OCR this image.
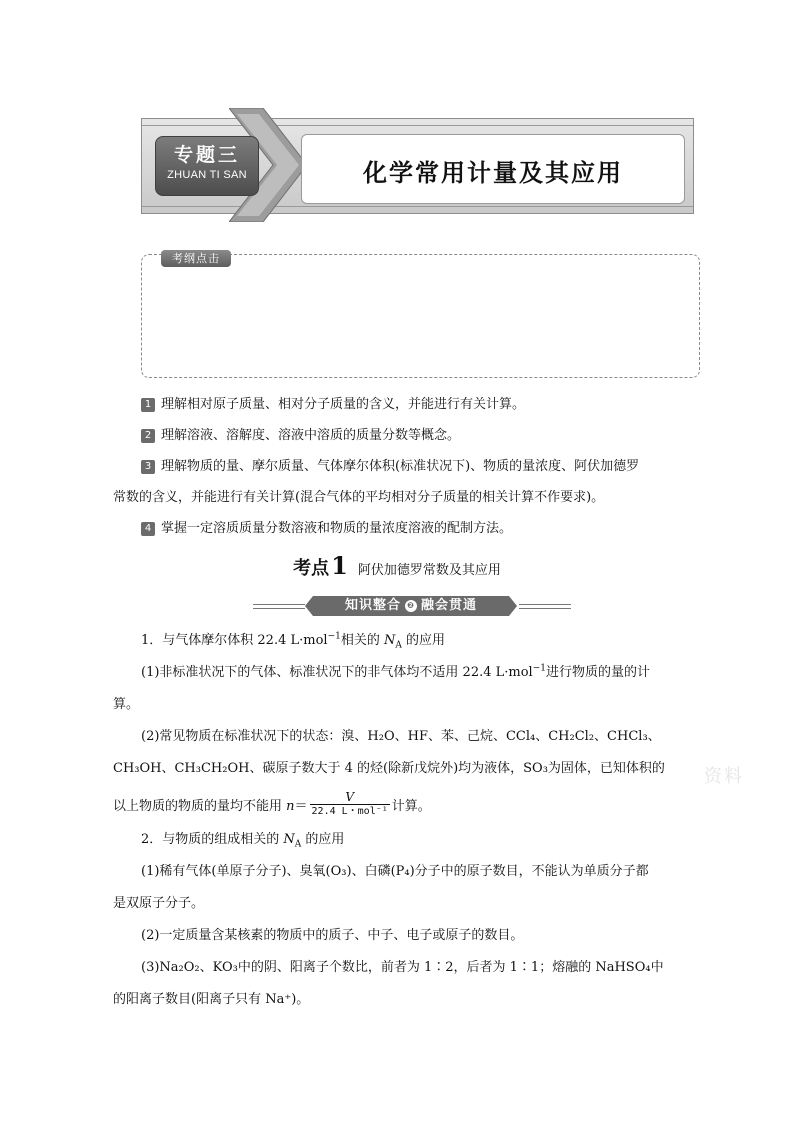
专题三
ZHUAN TI SAN	化学常用计量及其应用
考纲点击
1 理解相对原子质量、相对分子质量的含义，并能进行有关计算。
2 理解溶液、溶解度、溶液中溶质的质量分数等概念。
3 理解物质的量、摩尔质量、气体摩尔体积(标准状况下)、物质的量浓度、阿伏加德罗
常数的含义，并能进行有关计算(混合气体的平均相对分子质量的相关计算不作要求)。
4 掌握一定溶质质量分数溶液和物质的量浓度溶液的配制方法。
考点1 阿伏加德罗常数及其应用
知识整合 ❷ 融会贯通
1．与气体摩尔体积 22.4 L·mol$^{-1}$相关的 $N_A$ 的应用
(1)非标准状况下的气体、标准状况下的非气体均不适用 22.4 L·mol$^{-1}$进行物质的量的计
算。
(2)常见物质在标准状况下的状态：溴、H₂O、HF、苯、己烷、CCl₄、CH₂Cl₂、CHCl₃、
CH₃OH、CH₃CH₂OH、碳原子数大于 4 的烃(除新戊烷外)均为液体，SO₃为固体，已知体积的
以上物质的物质的量均不能用 $n= \frac{V}{\text{22.4 L・mol⁻¹}}$ 计算。
2．与物质的组成相关的 $N_A$ 的应用
(1)稀有气体(单原子分子)、臭氧(O₃)、白磷(P₄)分子中的原子数目，不能认为单质分子都
是双原子分子。
(2)一定质量含某核素的物质中的质子、中子、电子或原子的数目。
(3)Na₂O₂、KO₃中的阴、阳离子个数比，前者为 1∶2，后者为 1∶1；熔融的 NaHSO₄中
的阳离子数目(阳离子只有 Na⁺)。
资料
